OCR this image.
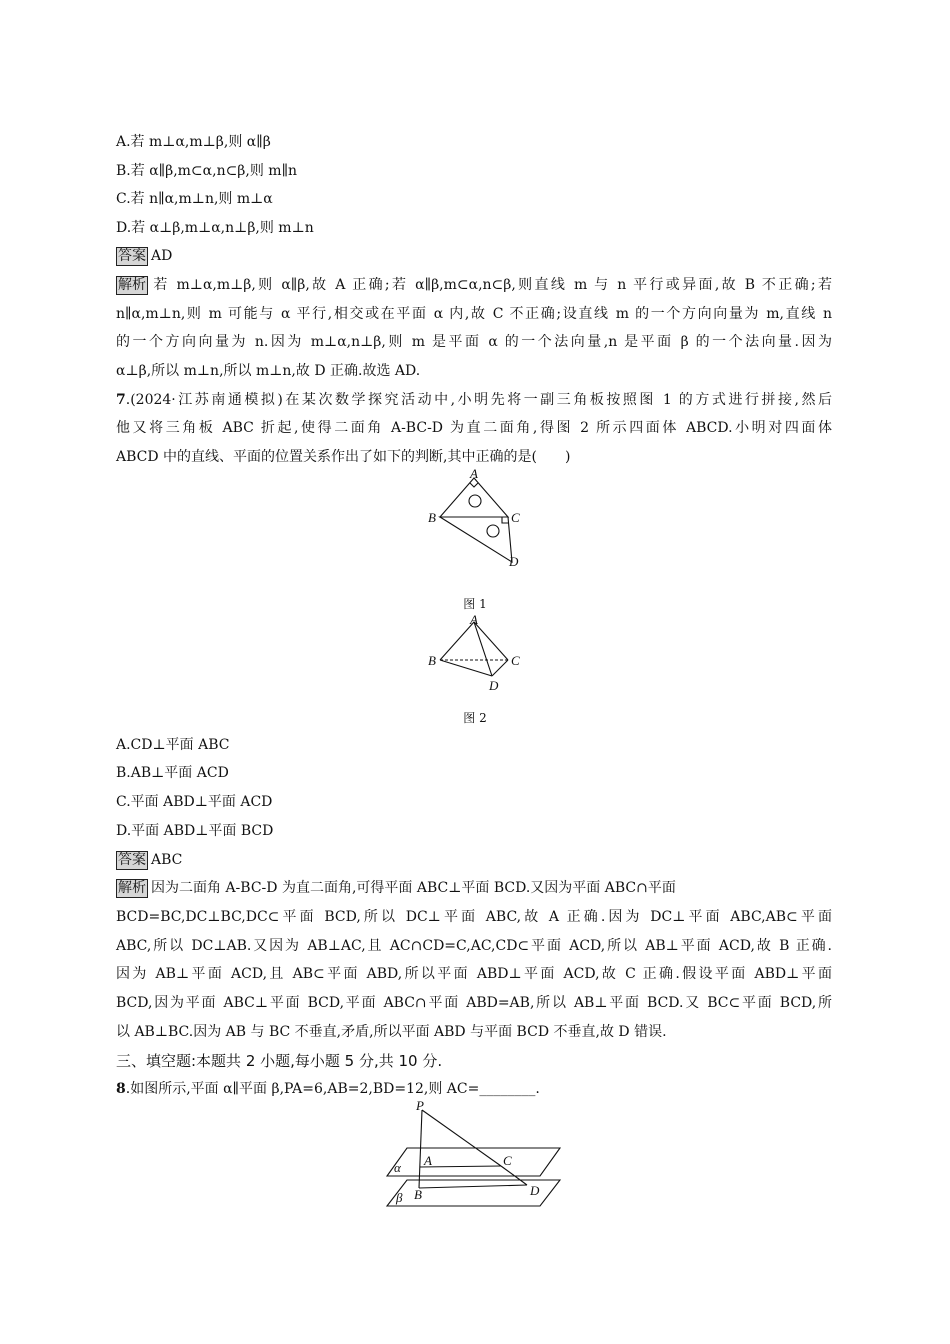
A.若 m⊥α,m⊥β,则 α∥β
B.若 α∥β,m⊂α,n⊂β,则 m∥n
C.若 n∥α,m⊥n,则 m⊥α
D.若 α⊥β,m⊥α,n⊥β,则 m⊥n
答案 AD
解析 若 m⊥α,m⊥β,则 α∥β,故 A 正确;若 α∥β,m⊂α,n⊂β,则直线 m 与 n 平行或异面,故 B 不正确;若
n∥α,m⊥n,则 m 可能与 α 平行,相交或在平面 α 内,故 C 不正确;设直线 m 的一个方向向量为 m,直线 n
的一个方向向量为 n.因为 m⊥α,n⊥β,则 m 是平面 α 的一个法向量,n 是平面 β 的一个法向量.因为
α⊥β,所以 m⊥n,所以 m⊥n,故 D 正确.故选 AD.
7.(2024·江苏南通模拟)在某次数学探究活动中,小明先将一副三角板按照图 1 的方式进行拼接,然后
他又将三角板 ABC 折起,使得二面角 A-BC-D 为直二面角,得图 2 所示四面体 ABCD.小明对四面体
ABCD 中的直线、平面的位置关系作出了如下的判断,其中正确的是(　　)
A
B	C
D
图 1
A
B	C
D
图 2
A.CD⊥平面 ABC
B.AB⊥平面 ACD
C.平面 ABD⊥平面 ACD
D.平面 ABD⊥平面 BCD
答案 ABC
解析 因为二面角 A-BC-D 为直二面角,可得平面 ABC⊥平面 BCD.又因为平面 ABC∩平面
BCD=BC,DC⊥BC,DC⊂平面 BCD,所以 DC⊥平面 ABC,故 A 正确.因为 DC⊥平面 ABC,AB⊂平面
ABC,所以 DC⊥AB.又因为 AB⊥AC,且 AC∩CD=C,AC,CD⊂平面 ACD,所以 AB⊥平面 ACD,故 B 正确.
因为 AB⊥平面 ACD,且 AB⊂平面 ABD,所以平面 ABD⊥平面 ACD,故 C 正确.假设平面 ABD⊥平面
BCD,因为平面 ABC⊥平面 BCD,平面 ABC∩平面 ABD=AB,所以 AB⊥平面 BCD.又 BC⊂平面 BCD,所
以 AB⊥BC.因为 AB 与 BC 不垂直,矛盾,所以平面 ABD 与平面 BCD 不垂直,故 D 错误.
三、填空题:本题共 2 小题,每小题 5 分,共 10 分.
8.如图所示,平面 α∥平面 β,PA=6,AB=2,BD=12,则 AC=________.
P
A
B
C
D
α
β
